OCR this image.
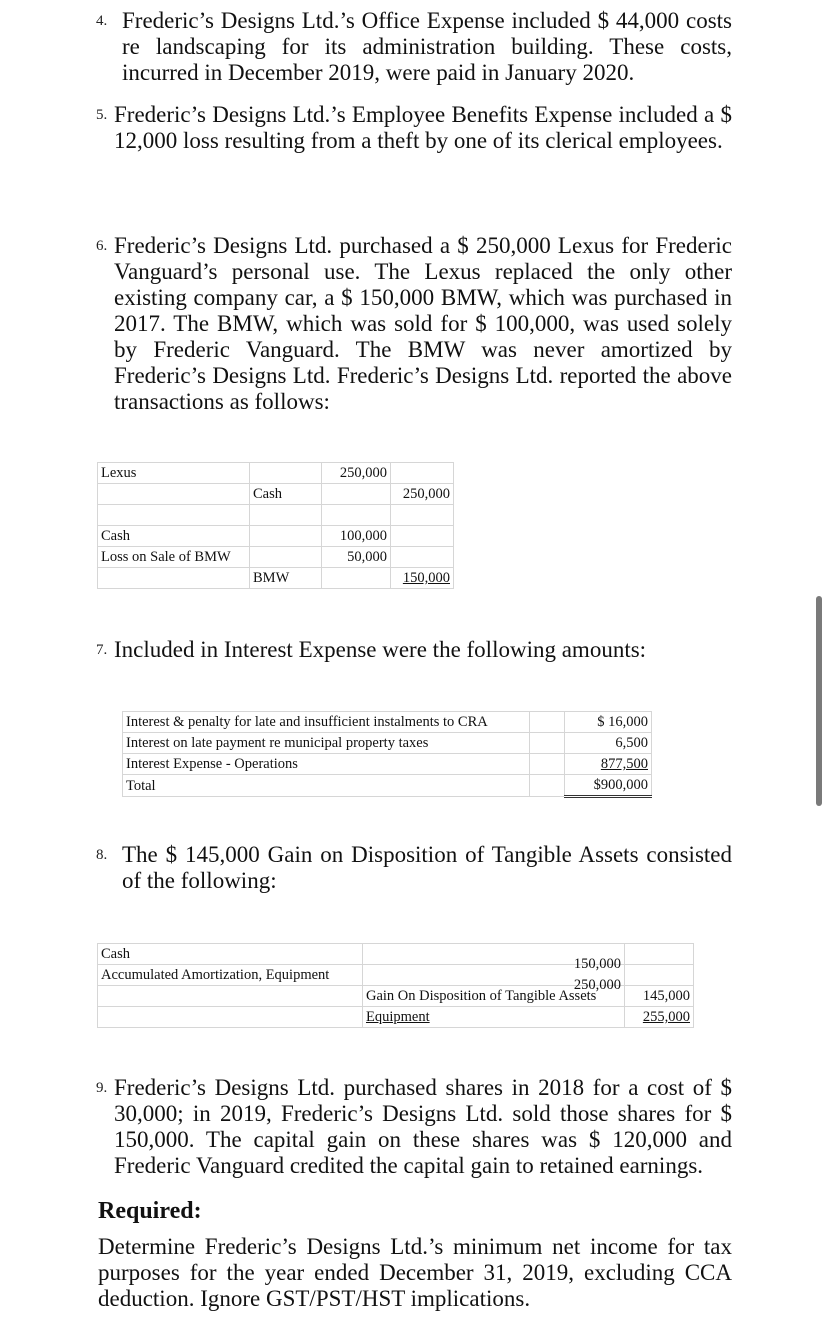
4. Frederic’s Designs Ltd.’s Office Expense included $ 44,000 costs re landscaping for its administration building. These costs, incurred in December 2019, were paid in January 2020.
5. Frederic’s Designs Ltd.’s Employee Benefits Expense included a $ 12,000 loss resulting from a theft by one of its clerical employees.
6. Frederic’s Designs Ltd. purchased a $ 250,000 Lexus for Frederic Vanguard’s personal use. The Lexus replaced the only other existing company car, a $ 150,000 BMW, which was purchased in 2017. The BMW, which was sold for $ 100,000, was used solely by Frederic Vanguard. The BMW was never amortized by Frederic’s Designs Ltd. Frederic’s Designs Ltd. reported the above transactions as follows:
Lexus		250,000	
	Cash		250,000

Cash		100,000	
Loss on Sale of BMW		50,000	
	BMW		150,000
7. Included in Interest Expense were the following amounts:
Interest & penalty for late and insufficient instalments to CRA		$ 16,000
Interest on late payment re municipal property taxes		6,500
Interest Expense - Operations		877,500
Total		$900,000
8. The $ 145,000 Gain on Disposition of Tangible Assets consisted of the following:
Cash	150,000	

Accumulated Amortization, Equipment	250,000	

	Gain On Disposition of Tangible Assets	145,000
	Equipment	255,000
9. Frederic’s Designs Ltd. purchased shares in 2018 for a cost of $ 30,000; in 2019, Frederic’s Designs Ltd. sold those shares for $ 150,000. The capital gain on these shares was $ 120,000 and Frederic Vanguard credited the capital gain to retained earnings.
Required:
Determine Frederic’s Designs Ltd.’s minimum net income for tax purposes for the year ended December 31, 2019, excluding CCA deduction. Ignore GST/PST/HST implications.
